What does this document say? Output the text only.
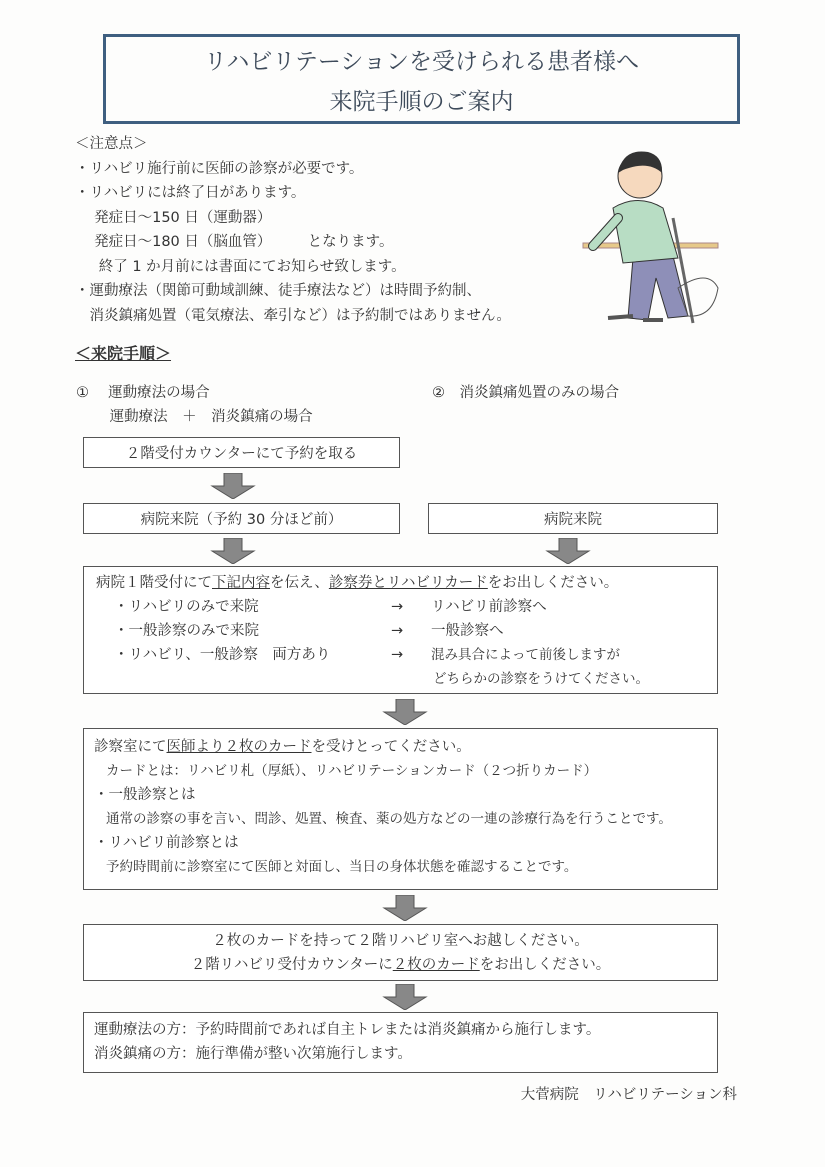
リハビリテーションを受けられる患者様へ
来院手順のご案内
＜注意点＞
・リハビリ施行前に医師の診察が必要です。
・リハビリには終了日があります。
　 発症日～150 日（運動器）
　 発症日～180 日（脳血管）　　　となります。
　  終了 1 か月前には書面にてお知らせ致します。
・運動療法（関節可動域訓練、徒手療法など）は時間予約制、
　消炎鎮痛処置（電気療法、牽引など）は予約制ではありません。
＜来院手順＞
①　 運動療法の場合
　　 運動療法　＋　消炎鎮痛の場合
②　消炎鎮痛処置のみの場合
２階受付カウンターにて予約を取る
病院来院（予約 30 分ほど前）	病院来院
病院１階受付にて下記内容を伝え、診察券とリハビリカードをお出しください。
・リハビリのみで来院	→ リハビリ前診察へ
・一般診察のみで来院	→ 一般診察へ
・リハビリ、一般診察　両方あり	→ 混み具合によって前後しますが
どちらかの診察をうけてください。
診察室にて医師より２枚のカードを受けとってください。
カードとは：リハビリ札（厚紙）、リハビリテーションカード（２つ折りカード）
・一般診察とは
通常の診察の事を言い、問診、処置、検査、薬の処方などの一連の診療行為を行うことです。
・リハビリ前診察とは
予約時間前に診察室にて医師と対面し、当日の身体状態を確認することです。
２枚のカードを持って２階リハビリ室へお越しください。
２階リハビリ受付カウンターに２枚のカードをお出しください。
運動療法の方：予約時間前であれば自主トレまたは消炎鎮痛から施行します。
消炎鎮痛の方：施行準備が整い次第施行します。
大菅病院　リハビリテーション科
